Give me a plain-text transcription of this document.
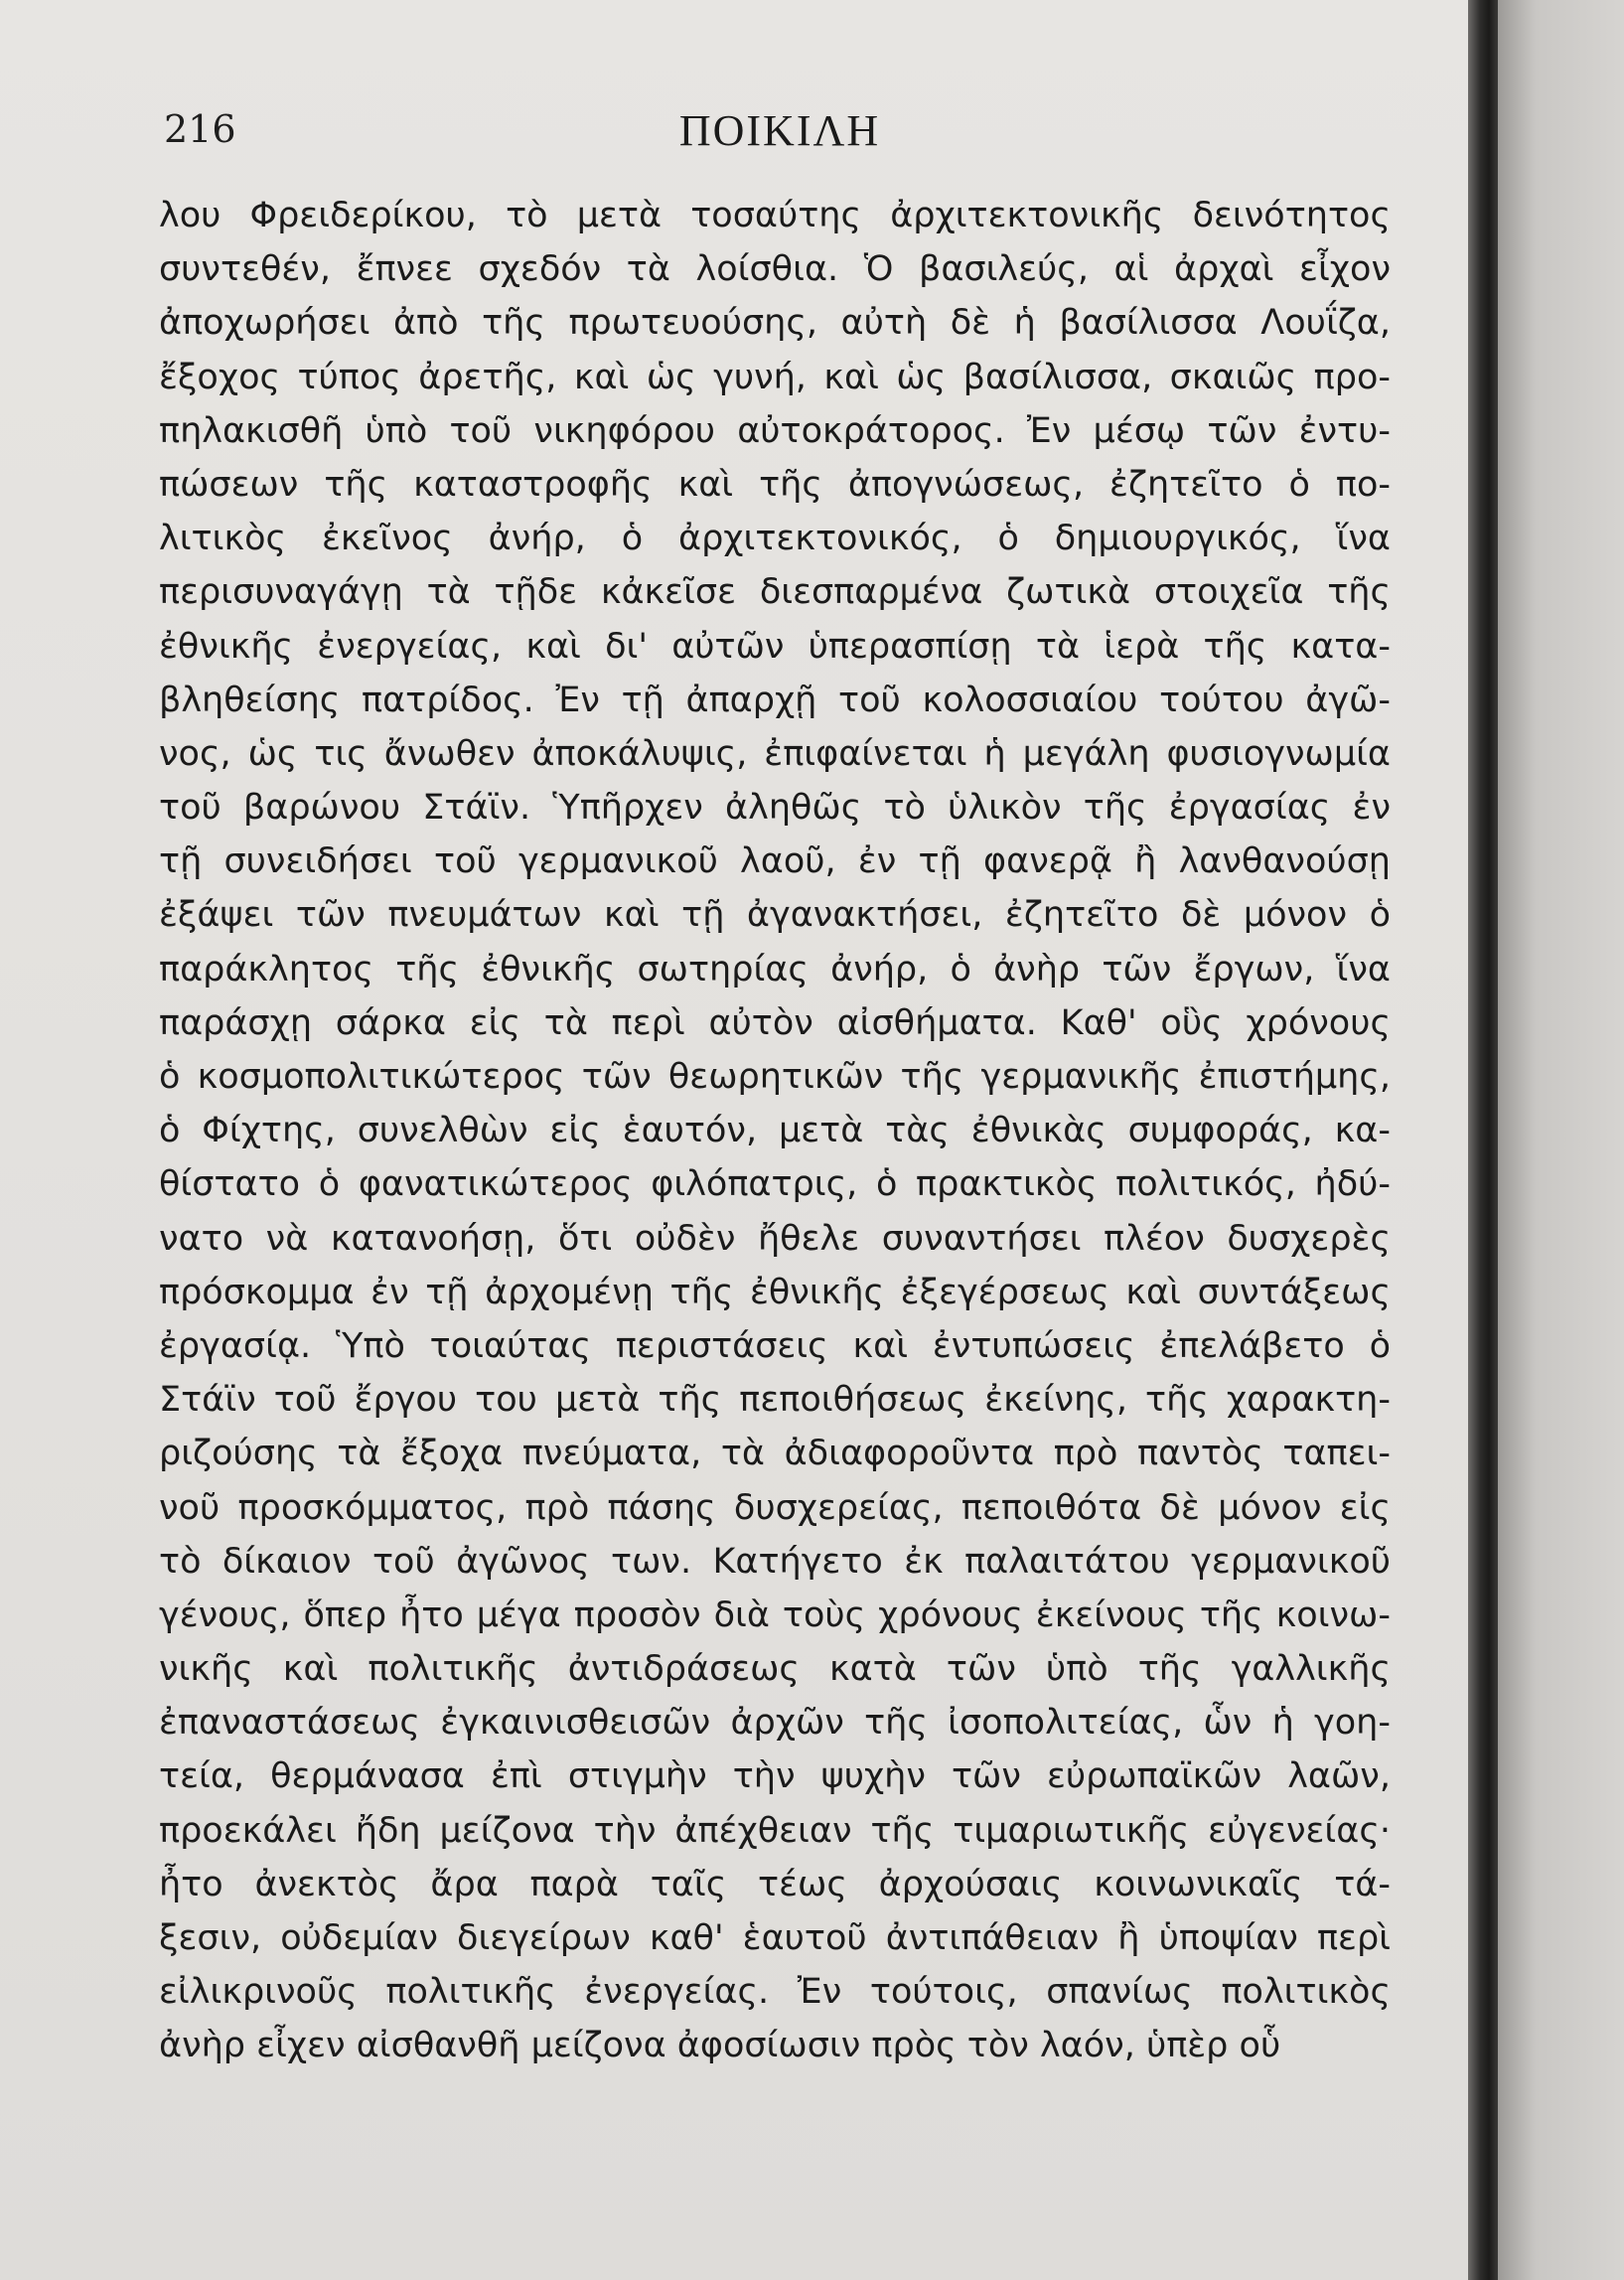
216	ΠΟΙΚΙΛΗ
λου Φρειδερίκου, τὸ μετὰ τοσαύτης ἀρχιτεκτονικῆς δεινότητος
συντεθέν, ἔπνεε σχεδόν τὰ λοίσθια. Ὁ βασιλεύς, αἱ ἀρχαὶ εἶχον
ἀποχωρήσει ἀπὸ τῆς πρωτευούσης, αὐτὴ δὲ ἡ βασίλισσα Λουΐζα,
ἔξοχος τύπος ἀρετῆς, καὶ ὡς γυνή, καὶ ὡς βασίλισσα, σκαιῶς προ-
πηλακισθῆ ὑπὸ τοῦ νικηφόρου αὐτοκράτορος. Ἐν μέσῳ τῶν ἐντυ-
πώσεων τῆς καταστροφῆς καὶ τῆς ἀπογνώσεως, ἐζητεῖτο ὁ πο-
λιτικὸς ἐκεῖνος ἀνήρ, ὁ ἀρχιτεκτονικός, ὁ δημιουργικός, ἵνα
περισυναγάγῃ τὰ τῇδε κἀκεῖσε διεσπαρμένα ζωτικὰ στοιχεῖα τῆς
ἐθνικῆς ἐνεργείας, καὶ δι' αὐτῶν ὑπερασπίσῃ τὰ ἱερὰ τῆς κατα-
βληθείσης πατρίδος. Ἐν τῇ ἀπαρχῇ τοῦ κολοσσιαίου τούτου ἀγῶ-
νος, ὡς τις ἄνωθεν ἀποκάλυψις, ἐπιφαίνεται ἡ μεγάλη φυσιογνωμία
τοῦ βαρώνου Στάϊν. Ὑπῆρχεν ἀληθῶς τὸ ὑλικὸν τῆς ἐργασίας ἐν
τῇ συνειδήσει τοῦ γερμανικοῦ λαοῦ, ἐν τῇ φανερᾷ ἢ λανθανούσῃ
ἐξάψει τῶν πνευμάτων καὶ τῇ ἀγανακτήσει, ἐζητεῖτο δὲ μόνον ὁ
παράκλητος τῆς ἐθνικῆς σωτηρίας ἀνήρ, ὁ ἀνὴρ τῶν ἔργων, ἵνα
παράσχῃ σάρκα εἰς τὰ περὶ αὐτὸν αἰσθήματα. Καθ' οὓς χρόνους
ὁ κοσμοπολιτικώτερος τῶν θεωρητικῶν τῆς γερμανικῆς ἐπιστήμης,
ὁ Φίχτης, συνελθὼν εἰς ἑαυτόν, μετὰ τὰς ἐθνικὰς συμφοράς, κα-
θίστατο ὁ φανατικώτερος φιλόπατρις, ὁ πρακτικὸς πολιτικός, ἠδύ-
νατο νὰ κατανοήσῃ, ὅτι οὐδὲν ἤθελε συναντήσει πλέον δυσχερὲς
πρόσκομμα ἐν τῇ ἀρχομένῃ τῆς ἐθνικῆς ἐξεγέρσεως καὶ συντάξεως
ἐργασίᾳ. Ὑπὸ τοιαύτας περιστάσεις καὶ ἐντυπώσεις ἐπελάβετο ὁ
Στάϊν τοῦ ἔργου του μετὰ τῆς πεποιθήσεως ἐκείνης, τῆς χαρακτη-
ριζούσης τὰ ἔξοχα πνεύματα, τὰ ἀδιαφοροῦντα πρὸ παντὸς ταπει-
νοῦ προσκόμματος, πρὸ πάσης δυσχερείας, πεποιθότα δὲ μόνον εἰς
τὸ δίκαιον τοῦ ἀγῶνος των. Κατήγετο ἐκ παλαιτάτου γερμανικοῦ
γένους, ὅπερ ἦτο μέγα προσὸν διὰ τοὺς χρόνους ἐκείνους τῆς κοινω-
νικῆς καὶ πολιτικῆς ἀντιδράσεως κατὰ τῶν ὑπὸ τῆς γαλλικῆς
ἐπαναστάσεως ἐγκαινισθεισῶν ἀρχῶν τῆς ἰσοπολιτείας, ὧν ἡ γοη-
τεία, θερμάνασα ἐπὶ στιγμὴν τὴν ψυχὴν τῶν εὐρωπαϊκῶν λαῶν,
προεκάλει ἤδη μείζονα τὴν ἀπέχθειαν τῆς τιμαριωτικῆς εὐγενείας·
ἦτο ἀνεκτὸς ἄρα παρὰ ταῖς τέως ἀρχούσαις κοινωνικαῖς τά-
ξεσιν, οὐδεμίαν διεγείρων καθ' ἑαυτοῦ ἀντιπάθειαν ἢ ὑποψίαν περὶ
εἰλικρινοῦς πολιτικῆς ἐνεργείας. Ἐν τούτοις, σπανίως πολιτικὸς
ἀνὴρ εἶχεν αἰσθανθῆ μείζονα ἀφοσίωσιν πρὸς τὸν λαόν, ὑπὲρ οὗ
